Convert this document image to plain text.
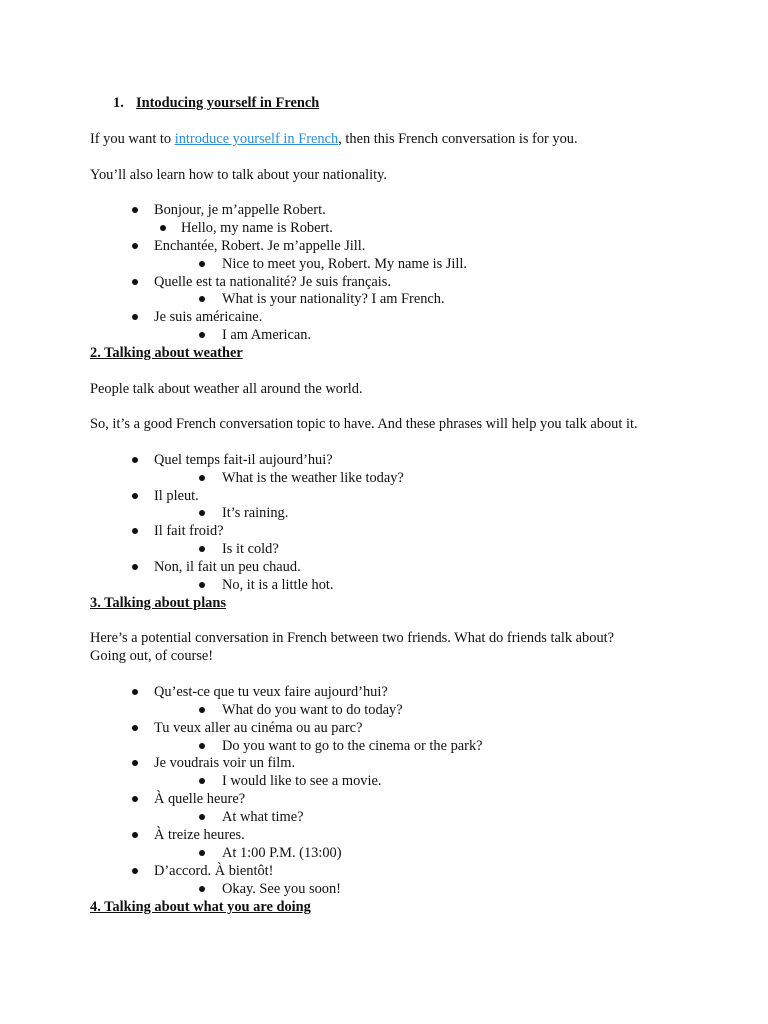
1. Intoducing yourself in French
If you want to introduce yourself in French, then this French conversation is for you.
You’ll also learn how to talk about your nationality.
Bonjour, je m’appelle Robert.
Hello, my name is Robert.
Enchantée, Robert. Je m’appelle Jill.
Nice to meet you, Robert. My name is Jill.
Quelle est ta nationalité? Je suis français.
What is your nationality? I am French.
Je suis américaine.
I am American.
2. Talking about weather
People talk about weather all around the world.
So, it’s a good French conversation topic to have. And these phrases will help you talk about it.
Quel temps fait-il aujourd’hui?
What is the weather like today?
Il pleut.
It’s raining.
Il fait froid?
Is it cold?
Non, il fait un peu chaud.
No, it is a little hot.
3. Talking about plans
Here’s a potential conversation in French between two friends. What do friends talk about?
Going out, of course!
Qu’est-ce que tu veux faire aujourd’hui?
What do you want to do today?
Tu veux aller au cinéma ou au parc?
Do you want to go to the cinema or the park?
Je voudrais voir un film.
I would like to see a movie.
À quelle heure?
At what time?
À treize heures.
At 1:00 P.M. (13:00)
D’accord. À bientôt!
Okay. See you soon!
4. Talking about what you are doing
